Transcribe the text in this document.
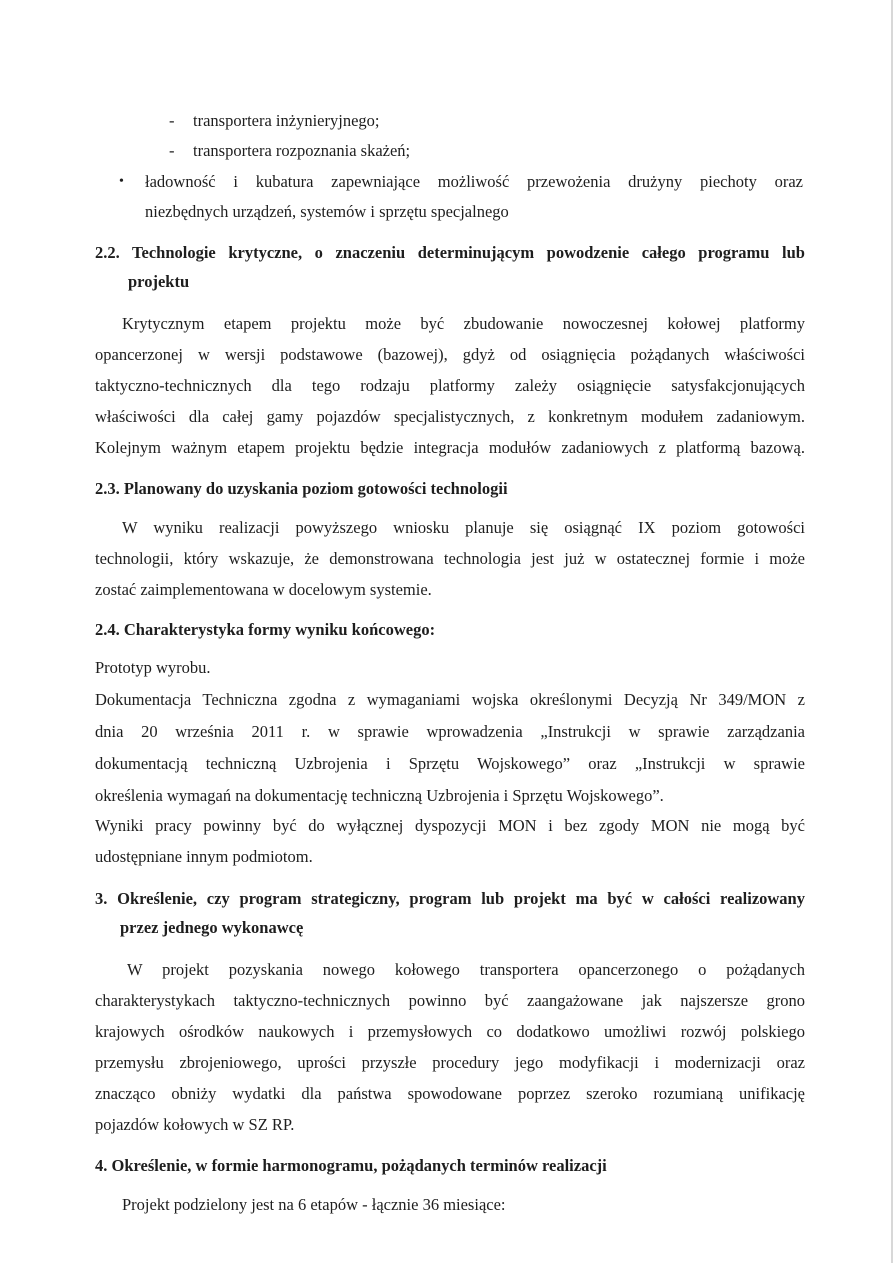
- transportera inżynieryjnego;
- transportera rozpoznania skażeń;
• ładowność i kubatura zapewniające możliwość przewożenia drużyny piechoty oraz
niezbędnych urządzeń, systemów i sprzętu specjalnego
2.2. Technologie krytyczne, o znaczeniu determinującym powodzenie całego programu lub
projektu
Krytycznym etapem projektu może być zbudowanie nowoczesnej kołowej platformy
opancerzonej w wersji podstawowe (bazowej), gdyż od osiągnięcia pożądanych właściwości
taktyczno-technicznych dla tego rodzaju platformy zależy osiągnięcie satysfakcjonujących
właściwości dla całej gamy pojazdów specjalistycznych, z konkretnym modułem zadaniowym.
Kolejnym ważnym etapem projektu będzie integracja modułów zadaniowych z platformą bazową.
2.3. Planowany do uzyskania poziom gotowości technologii
W wyniku realizacji powyższego wniosku planuje się osiągnąć IX poziom gotowości
technologii, który wskazuje, że demonstrowana technologia jest już w ostatecznej formie i może
zostać zaimplementowana w docelowym systemie.
2.4. Charakterystyka formy wyniku końcowego:
Prototyp wyrobu.
Dokumentacja Techniczna zgodna z wymaganiami wojska określonymi Decyzją Nr 349/MON z
dnia 20 września 2011 r. w sprawie wprowadzenia „Instrukcji w sprawie zarządzania
dokumentacją techniczną Uzbrojenia i Sprzętu Wojskowego” oraz „Instrukcji w sprawie
określenia wymagań na dokumentację techniczną Uzbrojenia i Sprzętu Wojskowego”.
Wyniki pracy powinny być do wyłącznej dyspozycji MON i bez zgody MON nie mogą być
udostępniane innym podmiotom.
3. Określenie, czy program strategiczny, program lub projekt ma być w całości realizowany
przez jednego wykonawcę
W projekt pozyskania nowego kołowego transportera opancerzonego o pożądanych
charakterystykach taktyczno-technicznych powinno być zaangażowane jak najszersze grono
krajowych ośrodków naukowych i przemysłowych co dodatkowo umożliwi rozwój polskiego
przemysłu zbrojeniowego, uprości przyszłe procedury jego modyfikacji i modernizacji oraz
znacząco obniży wydatki dla państwa spowodowane poprzez szeroko rozumianą unifikację
pojazdów kołowych w SZ RP.
4. Określenie, w formie harmonogramu, pożądanych terminów realizacji
Projekt podzielony jest na 6 etapów - łącznie 36 miesiące:
